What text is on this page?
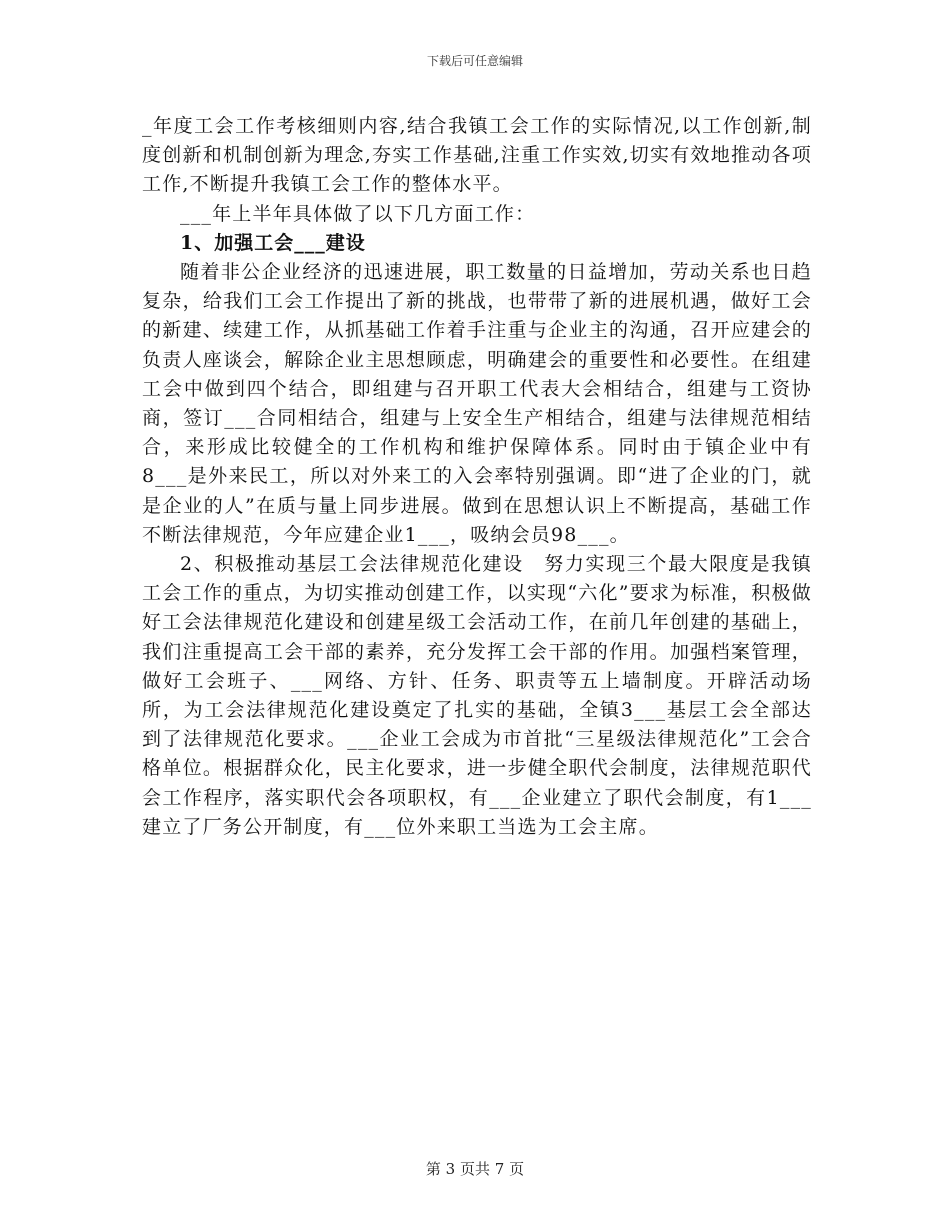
下载后可任意编辑

_年度工会工作考核细则内容,结合我镇工会工作的实际情况,以工作创新,制度创新和机制创新为理念,夯实工作基础,注重工作实效,切实有效地推动各项工作,不断提升我镇工会工作的整体水平。

___年上半年具体做了以下几方面工作：

1、加强工会___建设

随着非公企业经济的迅速进展，职工数量的日益增加，劳动关系也日趋复杂，给我们工会工作提出了新的挑战，也带带了新的进展机遇，做好工会的新建、续建工作，从抓基础工作着手注重与企业主的沟通，召开应建会的负责人座谈会，解除企业主思想顾虑，明确建会的重要性和必要性。在组建工会中做到四个结合，即组建与召开职工代表大会相结合，组建与工资协商，签订___合同相结合，组建与上安全生产相结合，组建与法律规范相结合，来形成比较健全的工作机构和维护保障体系。同时由于镇企业中有8___是外来民工，所以对外来工的入会率特别强调。即“进了企业的门，就是企业的人”在质与量上同步进展。做到在思想认识上不断提高，基础工作不断法律规范，今年应建企业1___，吸纳会员98___。

2、积极推动基层工会法律规范化建设　努力实现三个最大限度是我镇工会工作的重点，为切实推动创建工作，以实现“六化”要求为标准，积极做好工会法律规范化建设和创建星级工会活动工作，在前几年创建的基础上，我们注重提高工会干部的素养，充分发挥工会干部的作用。加强档案管理，做好工会班子、___网络、方针、任务、职责等五上墙制度。开辟活动场所，为工会法律规范化建设奠定了扎实的基础，全镇3___基层工会全部达到了法律规范化要求。___企业工会成为市首批“三星级法律规范化”工会合格单位。根据群众化，民主化要求，进一步健全职代会制度，法律规范职代会工作程序，落实职代会各项职权，有___企业建立了职代会制度，有1___建立了厂务公开制度，有___位外来职工当选为工会主席。

第 3 页共 7 页
